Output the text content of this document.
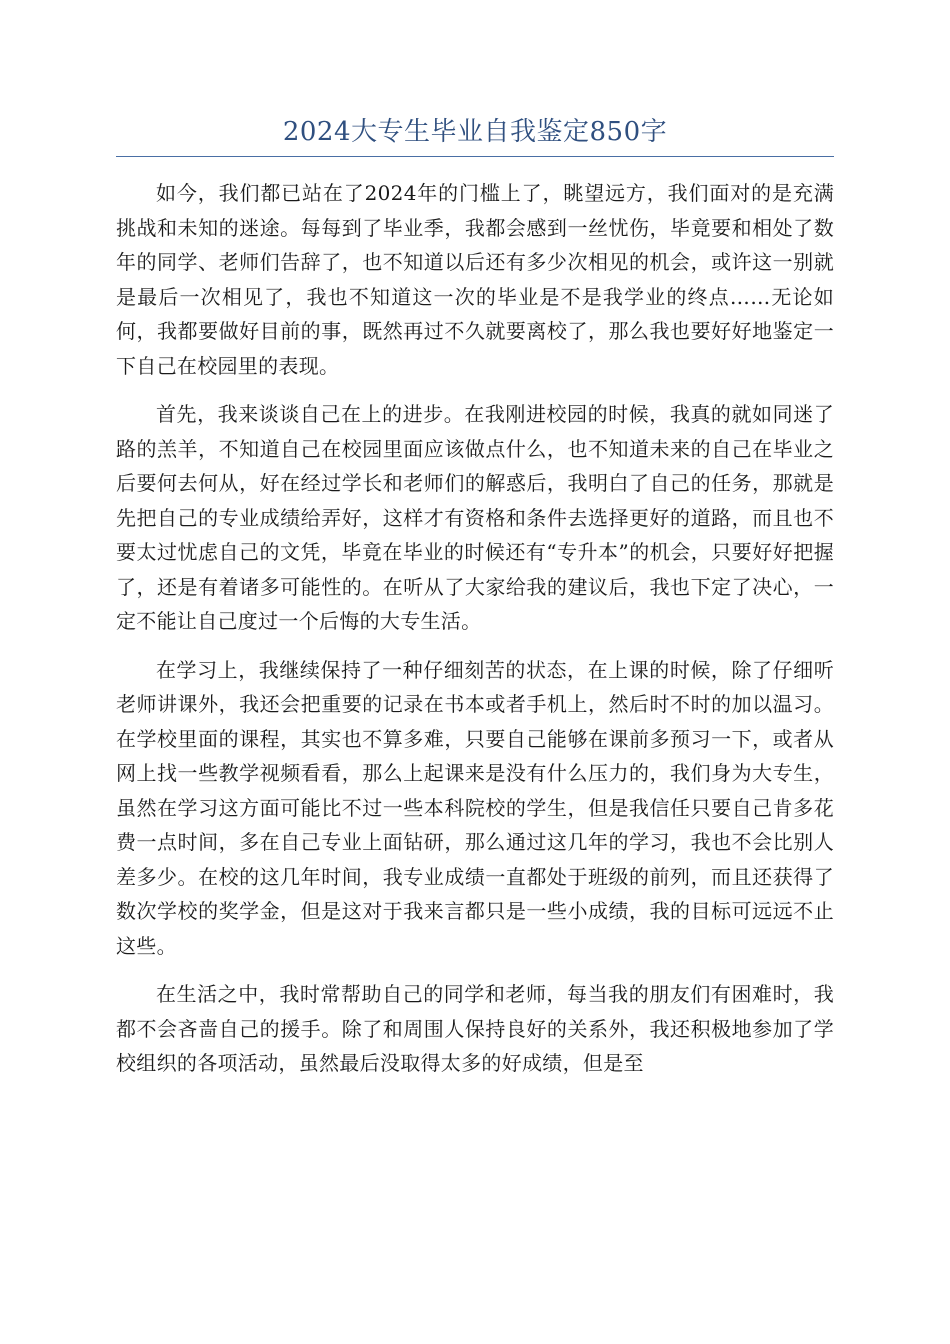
2024大专生毕业自我鉴定850字

如今，我们都已站在了2024年的门槛上了，眺望远方，我们面对的是充满挑战和未知的迷途。每每到了毕业季，我都会感到一丝忧伤，毕竟要和相处了数年的同学、老师们告辞了，也不知道以后还有多少次相见的机会，或许这一别就是最后一次相见了，我也不知道这一次的毕业是不是我学业的终点……无论如何，我都要做好目前的事，既然再过不久就要离校了，那么我也要好好地鉴定一下自己在校园里的表现。

首先，我来谈谈自己在上的进步。在我刚进校园的时候，我真的就如同迷了路的羔羊，不知道自己在校园里面应该做点什么，也不知道未来的自己在毕业之后要何去何从，好在经过学长和老师们的解惑后，我明白了自己的任务，那就是先把自己的专业成绩给弄好，这样才有资格和条件去选择更好的道路，而且也不要太过忧虑自己的文凭，毕竟在毕业的时候还有“专升本”的机会，只要好好把握了，还是有着诸多可能性的。在听从了大家给我的建议后，我也下定了决心，一定不能让自己度过一个后悔的大专生活。

在学习上，我继续保持了一种仔细刻苦的状态，在上课的时候，除了仔细听老师讲课外，我还会把重要的记录在书本或者手机上，然后时不时的加以温习。在学校里面的课程，其实也不算多难，只要自己能够在课前多预习一下，或者从网上找一些教学视频看看，那么上起课来是没有什么压力的，我们身为大专生，虽然在学习这方面可能比不过一些本科院校的学生，但是我信任只要自己肯多花费一点时间，多在自己专业上面钻研，那么通过这几年的学习，我也不会比别人差多少。在校的这几年时间，我专业成绩一直都处于班级的前列，而且还获得了数次学校的奖学金，但是这对于我来言都只是一些小成绩，我的目标可远远不止这些。

在生活之中，我时常帮助自己的同学和老师，每当我的朋友们有困难时，我都不会吝啬自己的援手。除了和周围人保持良好的关系外，我还积极地参加了学校组织的各项活动，虽然最后没取得太多的好成绩，但是至
